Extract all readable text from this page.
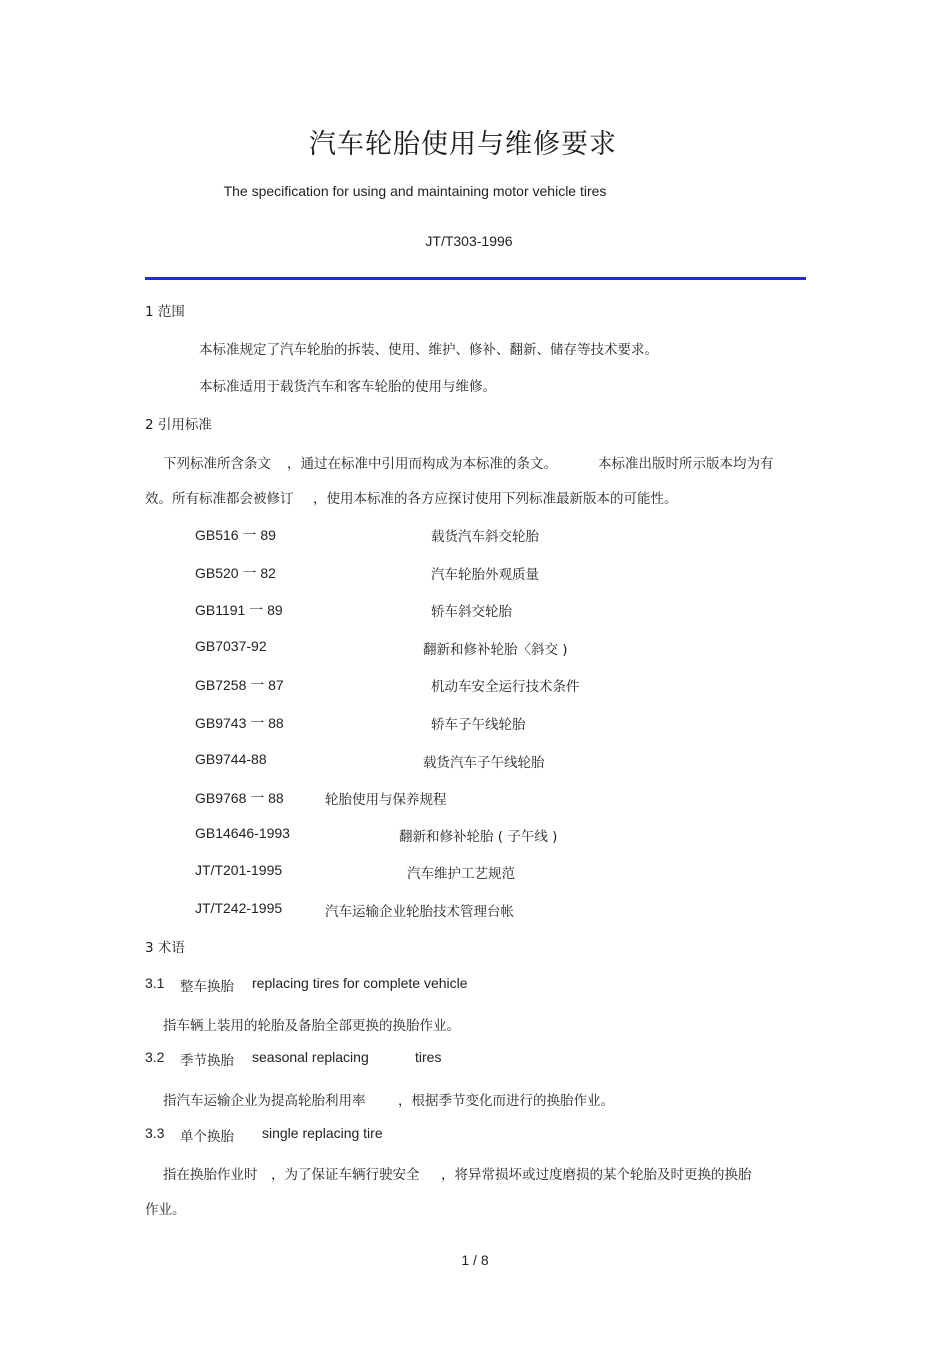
汽车轮胎使用与维修要求
The specification for using and maintaining motor vehicle tires
JT/T303-1996
1 范围
本标准规定了汽车轮胎的拆装、使用、维护、修补、翻新、储存等技术要求。
本标准适用于载货汽车和客车轮胎的使用与维修。
2 引用标准
下列标准所含条文 ，通过在标准中引用而构成为本标准的条文。	本标准出版时所示版本均为有
效。所有标准都会被修订 ，使用本标准的各方应探讨使用下列标准最新版本的可能性。
GB516 一 89	载货汽车斜交轮胎
GB520 一 82	汽车轮胎外观质量
GB1191 一 89	轿车斜交轮胎
GB7037-92	翻新和修补轮胎〈斜交 )
GB7258 一 87	机动车安全运行技术条件
GB9743 一 88	轿车子午线轮胎
GB9744-88	载货汽车子午线轮胎
GB9768 一 88	轮胎使用与保养规程
GB14646-1993	翻新和修补轮胎 ( 子午线 )
JT/T201-1995	汽车维护工艺规范
JT/T242-1995	汽车运输企业轮胎技术管理台帐
3 术语
3.1 整车换胎 replacing tires for complete vehicle
指车辆上装用的轮胎及备胎全部更换的换胎作业。
3.2 季节换胎 seasonal replacing	tires
指汽车运输企业为提高轮胎利用率 ，根据季节变化而进行的换胎作业。
3.3 单个换胎 single replacing tire
指在换胎作业时 ，为了保证车辆行驶安全 ，将异常损坏或过度磨损的某个轮胎及时更换的换胎
作业。
1 / 8
